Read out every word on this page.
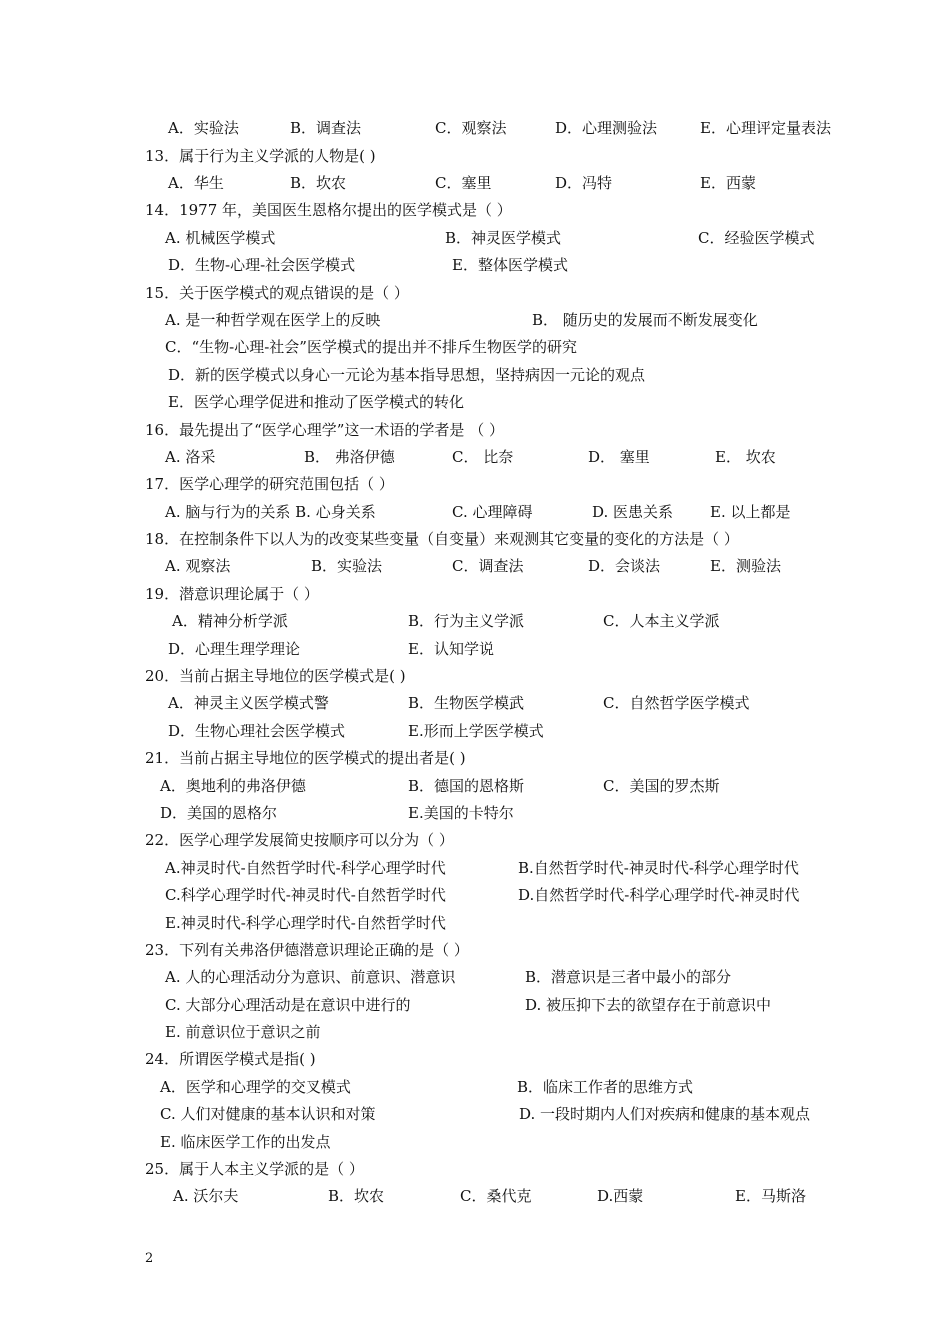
A．实验法	B．调查法	C．观察法	D．心理测验法	E．心理评定量表法
13．属于行为主义学派的人物是( )
A．华生	B．坎农	C．塞里	D．冯特	E．西蒙
14．1977 年，美国医生恩格尔提出的医学模式是（ ）
A. 机械医学模式	B．神灵医学模式	C．经验医学模式
D．生物-心理-社会医学模式	E．整体医学模式
15．关于医学模式的观点错误的是（ ）
A. 是一种哲学观在医学上的反映	B． 随历史的发展而不断发展变化
C．“生物-心理-社会”医学模式的提出并不排斥生物医学的研究
D．新的医学模式以身心一元论为基本指导思想，坚持病因一元论的观点
E．医学心理学促进和推动了医学模式的转化
16．最先提出了“医学心理学”这一术语的学者是 （ ）
A. 洛采	B． 弗洛伊德	C． 比奈	D． 塞里	E． 坎农
17．医学心理学的研究范围包括（ ）
A. 脑与行为的关系 B. 心身关系	C. 心理障碍	D. 医患关系 E. 以上都是
18．在控制条件下以人为的改变某些变量（自变量）来观测其它变量的变化的方法是（ ）
A. 观察法	B．实验法	C．调查法	D．会谈法	E．测验法
19．潜意识理论属于（ ）
A．精神分析学派	B．行为主义学派	C．人本主义学派
D．心理生理学理论	E．认知学说
20．当前占据主导地位的医学模式是( )
A．神灵主义医学模式警	B．生物医学模武	C．自然哲学医学模式
D．生物心理社会医学模式	E.形而上学医学模式
21．当前占据主导地位的医学模式的提出者是( )
A．奥地利的弗洛伊德	B．德国的恩格斯	C．美国的罗杰斯
D．美国的恩格尔	E.美国的卡特尔
22．医学心理学发展简史按顺序可以分为（ ）
A.神灵时代-自然哲学时代-科学心理学时代	B.自然哲学时代-神灵时代-科学心理学时代
C.科学心理学时代-神灵时代-自然哲学时代	D.自然哲学时代-科学心理学时代-神灵时代
E.神灵时代-科学心理学时代-自然哲学时代
23．下列有关弗洛伊德潜意识理论正确的是（ ）
A. 人的心理活动分为意识、前意识、潜意识	B．潜意识是三者中最小的部分
C. 大部分心理活动是在意识中进行的	D. 被压抑下去的欲望存在于前意识中
E. 前意识位于意识之前
24．所谓医学模式是指( )
A．医学和心理学的交叉模式	B．临床工作者的思维方式
C. 人们对健康的基本认识和对策	D. 一段时期内人们对疾病和健康的基本观点
E. 临床医学工作的出发点
25．属于人本主义学派的是（ ）
A. 沃尔夫	B．坎农	C．桑代克	D.西蒙	E．马斯洛
2
